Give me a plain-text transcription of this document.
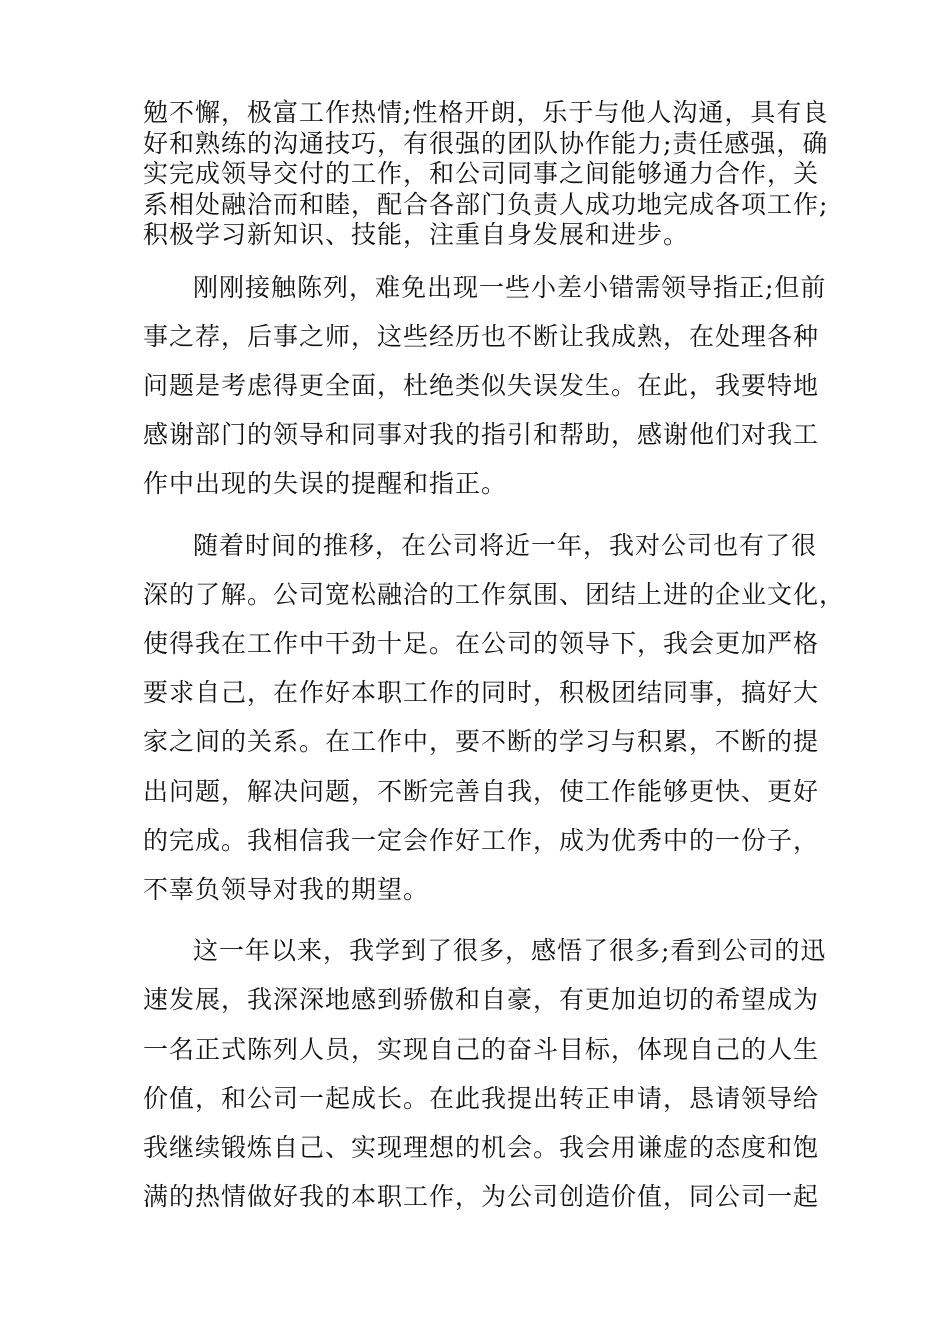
勉不懈，极富工作热情;性格开朗，乐于与他人沟通，具有良
好和熟练的沟通技巧，有很强的团队协作能力;责任感强，确
实完成领导交付的工作，和公司同事之间能够通力合作，关
系相处融洽而和睦，配合各部门负责人成功地完成各项工作;
积极学习新知识、技能，注重自身发展和进步。
刚刚接触陈列，难免出现一些小差小错需领导指正;但前
事之荐，后事之师，这些经历也不断让我成熟，在处理各种
问题是考虑得更全面，杜绝类似失误发生。在此，我要特地
感谢部门的领导和同事对我的指引和帮助，感谢他们对我工
作中出现的失误的提醒和指正。
随着时间的推移，在公司将近一年，我对公司也有了很
深的了解。公司宽松融洽的工作氛围、团结上进的企业文化，
使得我在工作中干劲十足。在公司的领导下，我会更加严格
要求自己，在作好本职工作的同时，积极团结同事，搞好大
家之间的关系。在工作中，要不断的学习与积累，不断的提
出问题，解决问题，不断完善自我，使工作能够更快、更好
的完成。我相信我一定会作好工作，成为优秀中的一份子，
不辜负领导对我的期望。
这一年以来，我学到了很多，感悟了很多;看到公司的迅
速发展，我深深地感到骄傲和自豪，有更加迫切的希望成为
一名正式陈列人员，实现自己的奋斗目标，体现自己的人生
价值，和公司一起成长。在此我提出转正申请，恳请领导给
我继续锻炼自己、实现理想的机会。我会用谦虚的态度和饱
满的热情做好我的本职工作，为公司创造价值，同公司一起
